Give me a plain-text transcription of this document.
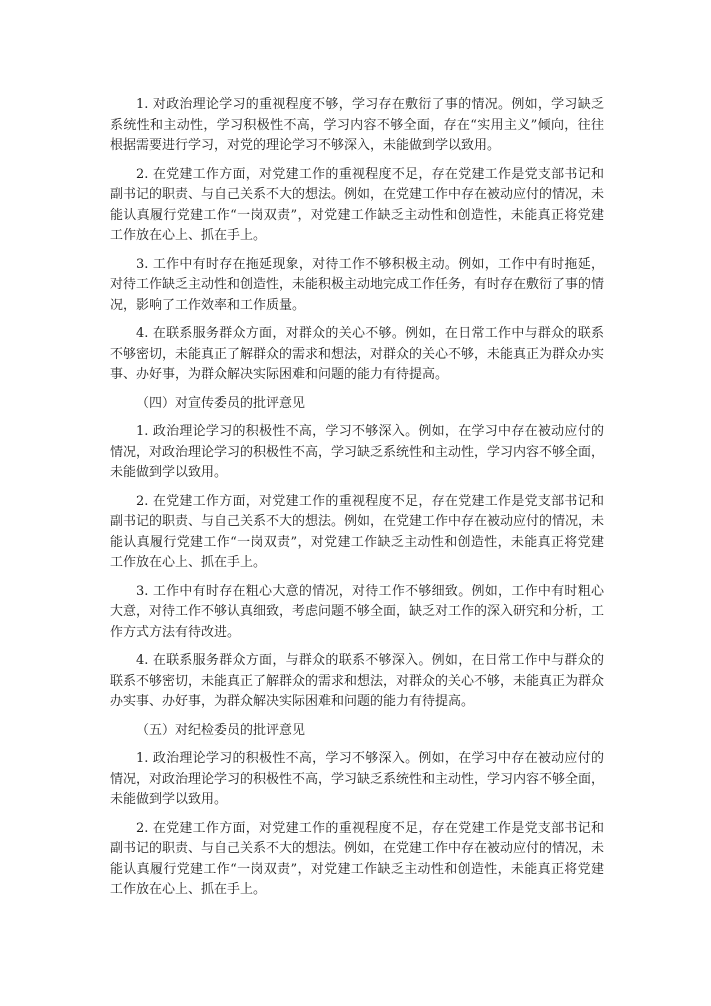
1. 对政治理论学习的重视程度不够，学习存在敷衍了事的情况。例如，学习缺乏系统性和主动性，学习积极性不高，学习内容不够全面，存在“实用主义”倾向，往往根据需要进行学习，对党的理论学习不够深入，未能做到学以致用。

2. 在党建工作方面，对党建工作的重视程度不足，存在党建工作是党支部书记和副书记的职责、与自己关系不大的想法。例如，在党建工作中存在被动应付的情况，未能认真履行党建工作“一岗双责”，对党建工作缺乏主动性和创造性，未能真正将党建工作放在心上、抓在手上。

3. 工作中有时存在拖延现象，对待工作不够积极主动。例如，工作中有时拖延，对待工作缺乏主动性和创造性，未能积极主动地完成工作任务，有时存在敷衍了事的情况，影响了工作效率和工作质量。

4. 在联系服务群众方面，对群众的关心不够。例如，在日常工作中与群众的联系不够密切，未能真正了解群众的需求和想法，对群众的关心不够，未能真正为群众办实事、办好事，为群众解决实际困难和问题的能力有待提高。

（四）对宣传委员的批评意见

1. 政治理论学习的积极性不高，学习不够深入。例如，在学习中存在被动应付的情况，对政治理论学习的积极性不高，学习缺乏系统性和主动性，学习内容不够全面，未能做到学以致用。

2. 在党建工作方面，对党建工作的重视程度不足，存在党建工作是党支部书记和副书记的职责、与自己关系不大的想法。例如，在党建工作中存在被动应付的情况，未能认真履行党建工作“一岗双责”，对党建工作缺乏主动性和创造性，未能真正将党建工作放在心上、抓在手上。

3. 工作中有时存在粗心大意的情况，对待工作不够细致。例如，工作中有时粗心大意，对待工作不够认真细致，考虑问题不够全面，缺乏对工作的深入研究和分析，工作方式方法有待改进。

4. 在联系服务群众方面，与群众的联系不够深入。例如，在日常工作中与群众的联系不够密切，未能真正了解群众的需求和想法，对群众的关心不够，未能真正为群众办实事、办好事，为群众解决实际困难和问题的能力有待提高。

（五）对纪检委员的批评意见

1. 政治理论学习的积极性不高，学习不够深入。例如，在学习中存在被动应付的情况，对政治理论学习的积极性不高，学习缺乏系统性和主动性，学习内容不够全面，未能做到学以致用。

2. 在党建工作方面，对党建工作的重视程度不足，存在党建工作是党支部书记和副书记的职责、与自己关系不大的想法。例如，在党建工作中存在被动应付的情况，未能认真履行党建工作“一岗双责”，对党建工作缺乏主动性和创造性，未能真正将党建工作放在心上、抓在手上。
